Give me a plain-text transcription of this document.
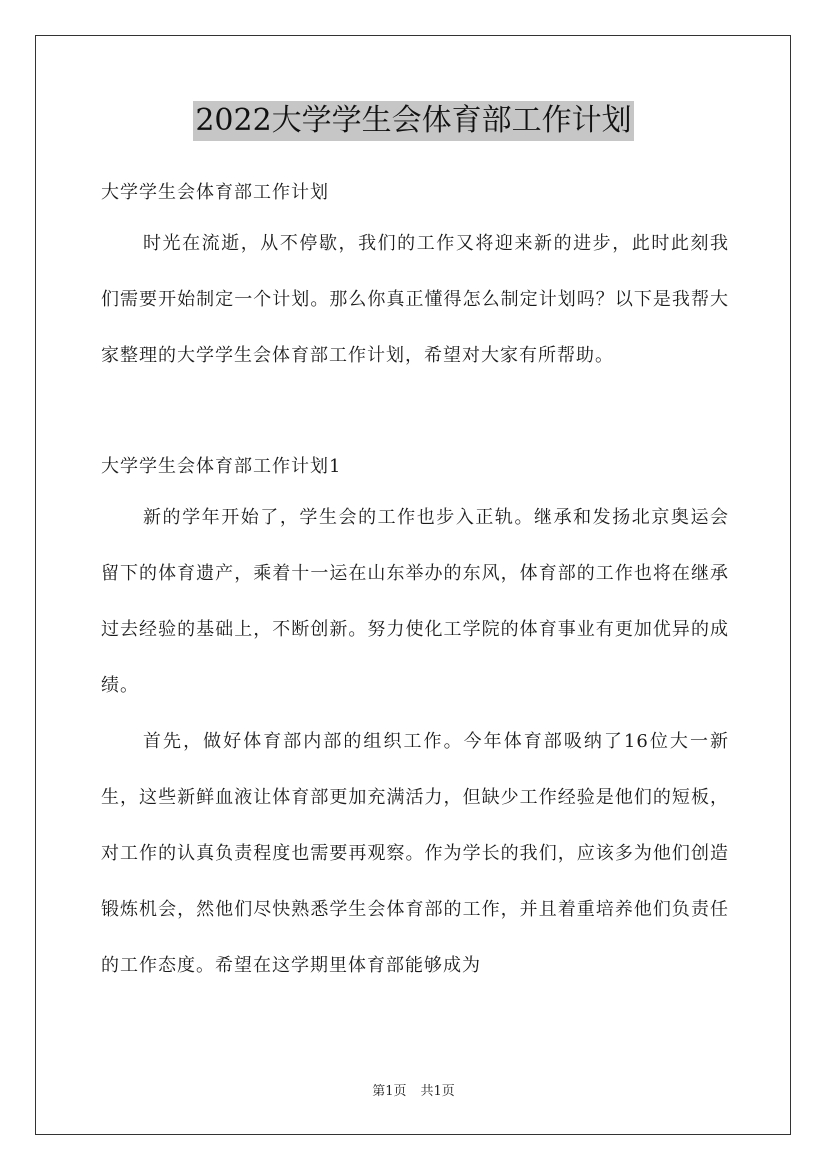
2022大学学生会体育部工作计划

大学学生会体育部工作计划

时光在流逝，从不停歇，我们的工作又将迎来新的进步，此时此刻我们需要开始制定一个计划。那么你真正懂得怎么制定计划吗？以下是我帮大家整理的大学学生会体育部工作计划，希望对大家有所帮助。

大学学生会体育部工作计划1

新的学年开始了，学生会的工作也步入正轨。继承和发扬北京奥运会留下的体育遗产，乘着十一运在山东举办的东风，体育部的工作也将在继承过去经验的基础上，不断创新。努力使化工学院的体育事业有更加优异的成绩。

首先，做好体育部内部的组织工作。今年体育部吸纳了16位大一新生，这些新鲜血液让体育部更加充满活力，但缺少工作经验是他们的短板，对工作的认真负责程度也需要再观察。作为学长的我们，应该多为他们创造锻炼机会，然他们尽快熟悉学生会体育部的工作，并且着重培养他们负责任的工作态度。希望在这学期里体育部能够成为

第1页 共1页
